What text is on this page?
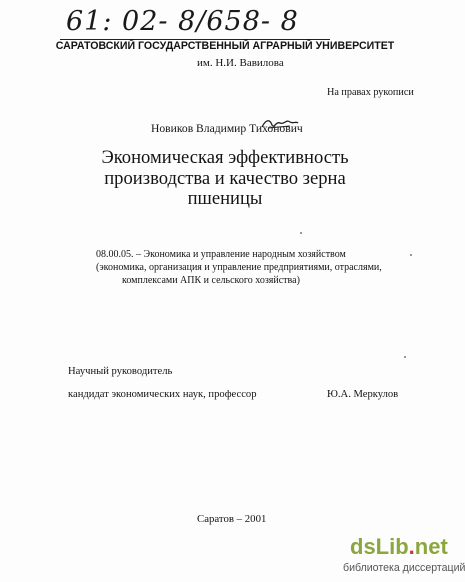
61: 02- 8/658- 8
САРАТОВСКИЙ ГОСУДАРСТВЕННЫЙ АГРАРНЫЙ УНИВЕРСИТЕТ
им. Н.И. Вавилова
На правах рукописи
Новиков Владимир Тихонович
Экономическая эффективность
производства и качество зерна
пшеницы
08.00.05. – Экономика и управление народным хозяйством
(экономика, организация и управление предприятиями, отраслями,
комплексами АПК и сельского хозяйства)
Научный руководитель
кандидат экономических наук, профессор	Ю.А. Меркулов
Саратов – 2001
dsLib.net
библиотека диссертаций
